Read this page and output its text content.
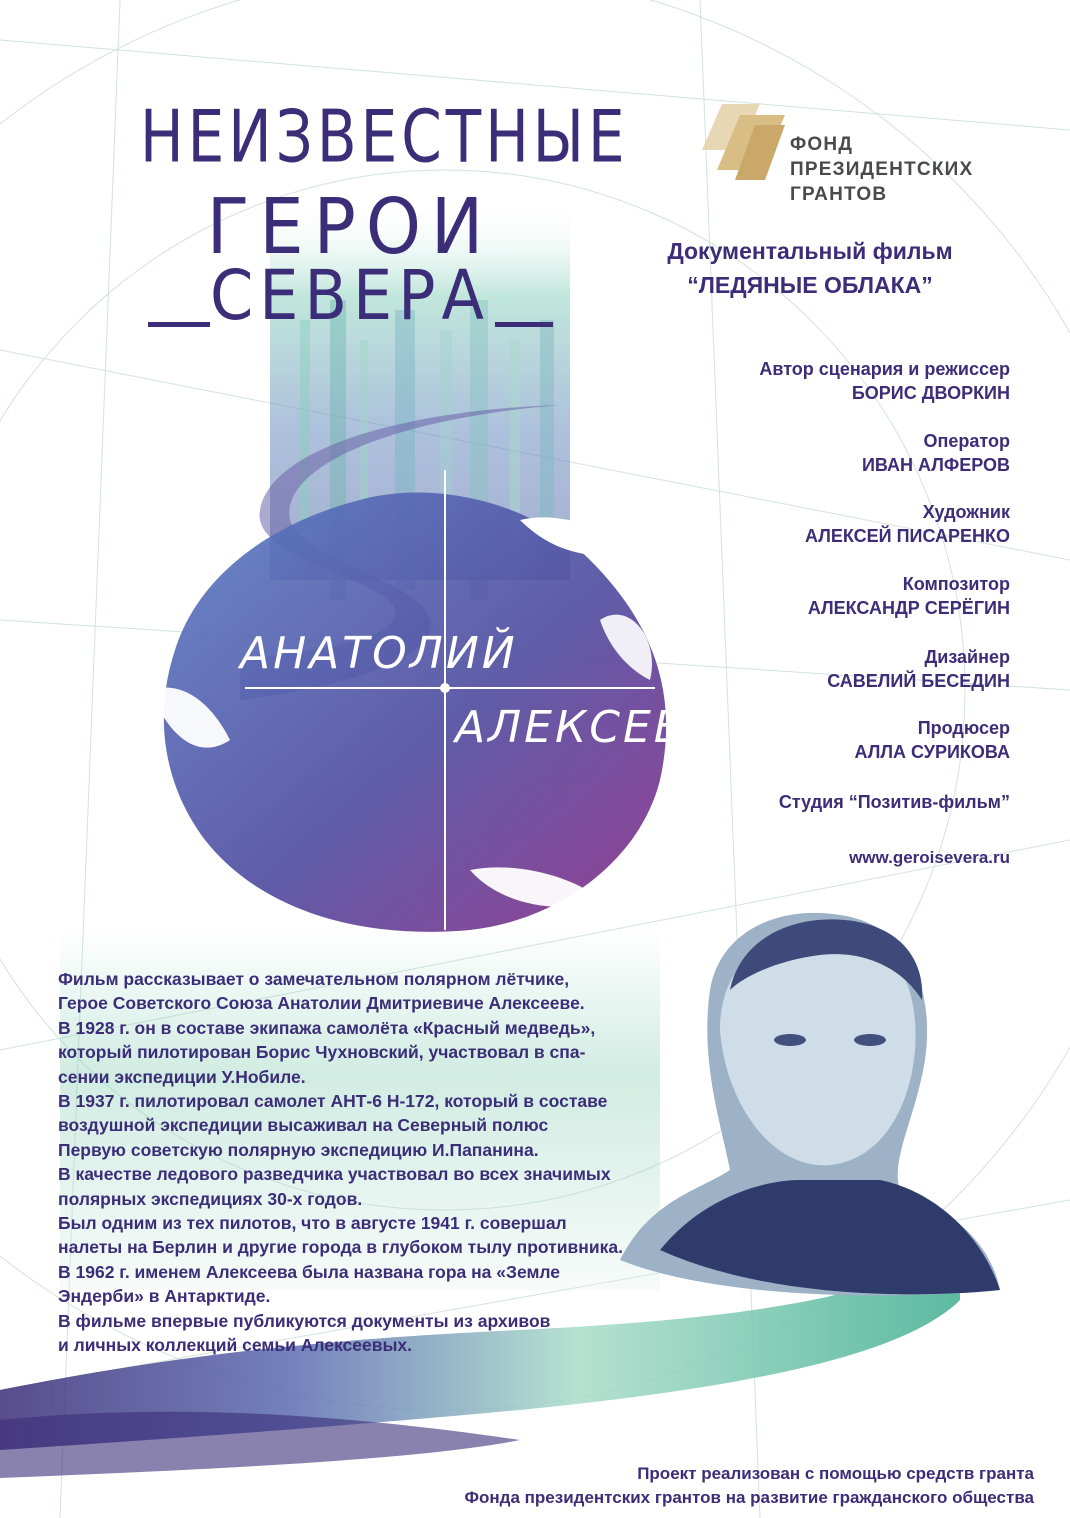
НЕИЗВЕСТНЫЕ
ГЕРОИ
СЕВЕРА
АНАТОЛИЙ
АЛЕКСЕЕВ
ФОНД
ПРЕЗИДЕНТСКИХ
ГРАНТОВ
Документальный фильм
“ЛЕДЯНЫЕ ОБЛАКА”
Автор сценария и режиссер
БОРИС ДВОРКИН
Оператор
ИВАН АЛФЕРОВ
Художник
АЛЕКСЕЙ ПИСАРЕНКО
Композитор
АЛЕКСАНДР СЕРЁГИН
Дизайнер
САВЕЛИЙ БЕСЕДИН
Продюсер
АЛЛА СУРИКОВА
Студия “Позитив-фильм”
www.geroisevera.ru
Фильм рассказывает о замечательном полярном лётчике,
Герое Советского Союза Анатолии Дмитриевиче Алексееве.
В 1928 г. он в составе экипажа самолёта «Красный медведь»,
который пилотирован Борис Чухновский, участвовал в спа-
сении экспедиции У.Нобиле.
В 1937 г. пилотировал самолет АНТ-6 Н-172, который в составе
воздушной экспедиции высаживал на Северный полюс
Первую советскую полярную экспедицию И.Папанина.
В качестве ледового разведчика участвовал во всех значимых
полярных экспедициях 30-х годов.
Был одним из тех пилотов, что в августе 1941 г. совершал
налеты на Берлин и другие города в глубоком тылу противника.
В 1962 г. именем Алексеева была названа гора на «Земле
Эндерби» в Антарктиде.
В фильме впервые публикуются документы из архивов
и личных коллекций семьи Алексеевых.
Проект реализован с помощью средств гранта
Фонда президентских грантов на развитие гражданского общества
